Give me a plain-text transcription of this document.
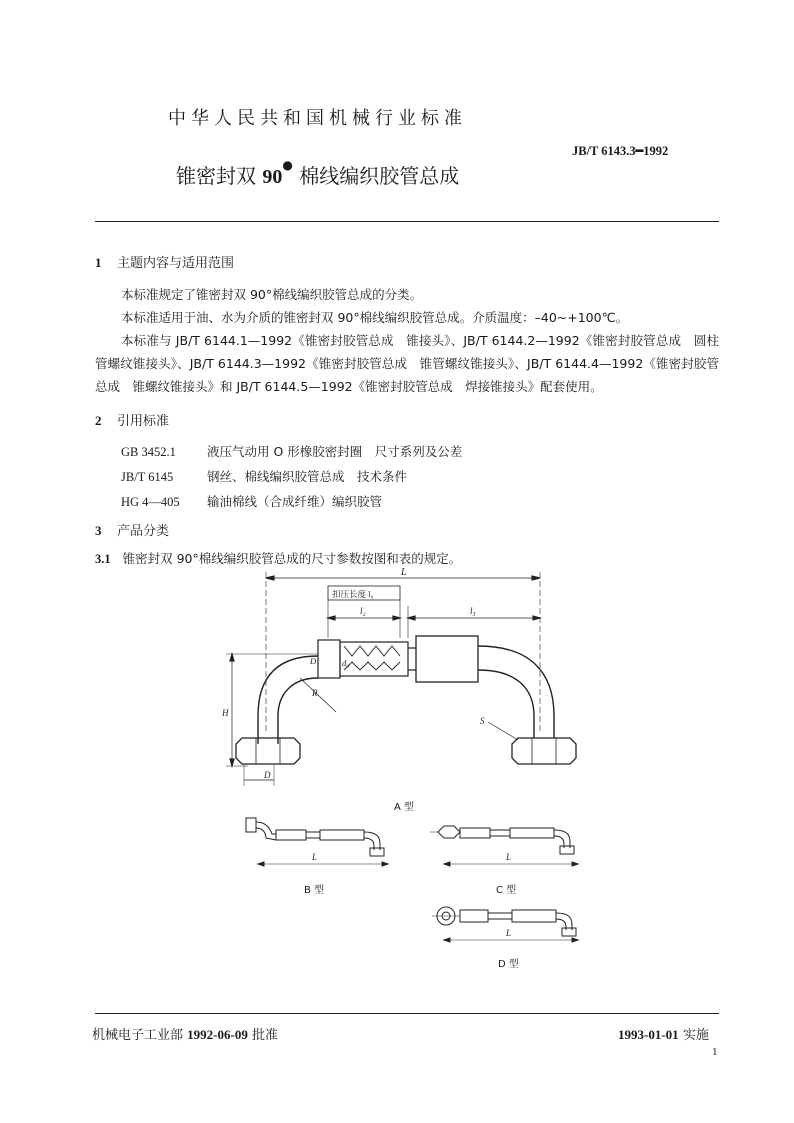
中华人民共和国机械行业标准
JB/T 6143.3━1992
锥密封双 90● 棉线编织胶管总成
1 主题内容与适用范围

本标准规定了锥密封双 90°棉线编织胶管总成的分类。

本标准适用于油、水为介质的锥密封双 90°棉线编织胶管总成。介质温度：–40~+100℃。

本标准与 JB/T 6144.1—1992《锥密封胶管总成　锥接头》、JB/T 6144.2—1992《锥密封胶管总成　圆柱管螺纹锥接头》、JB/T 6144.3—1992《锥密封胶管总成　锥管螺纹锥接头》、JB/T 6144.4—1992《锥密封胶管总成　锥螺纹锥接头》和 JB/T 6144.5—1992《锥密封胶管总成　焊接锥接头》配套使用。

2 引用标准
GB 3452.1 液压气动用 O 形橡胶密封圈　尺寸系列及公差
JB/T 6145	钢丝、棉线编织胶管总成　技术条件
HG 4—405 输油棉线（合成纤维）编织胶管
3 产品分类
3.1 锥密封双 90°棉线编织胶管总成的尺寸参数按图和表的规定。
L
扣压长度 l₀
l₂	l₃
R
D₁	d₀
S
H
D
A 型
L
B 型
L
C 型
L
D 型
机械电子工业部 1992-06-09 批准	1993-01-01 实施
1
